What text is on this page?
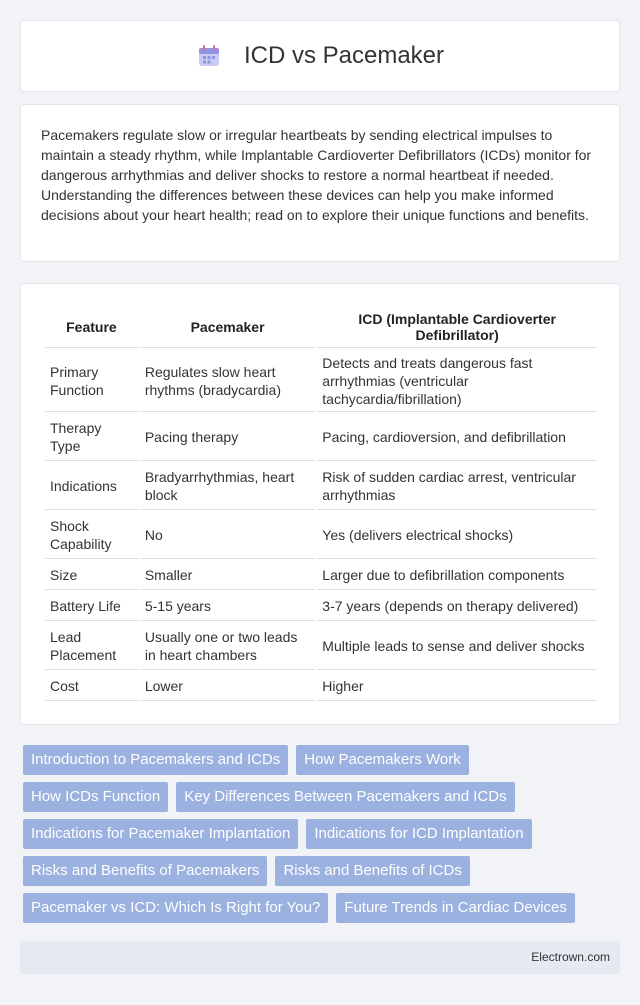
ICD vs Pacemaker

Pacemakers regulate slow or irregular heartbeats by sending electrical impulses to maintain a steady rhythm, while Implantable Cardioverter Defibrillators (ICDs) monitor for dangerous arrhythmias and deliver shocks to restore a normal heartbeat if needed. Understanding the differences between these devices can help you make informed decisions about your heart health; read on to explore their unique functions and benefits.

Feature	Pacemaker	ICD (Implantable Cardioverter Defibrillator)
Primary Function	Regulates slow heart rhythms (bradycardia)	Detects and treats dangerous fast arrhythmias (ventricular tachycardia/fibrillation)
Therapy Type	Pacing therapy	Pacing, cardioversion, and defibrillation
Indications	Bradyarrhythmias, heart block	Risk of sudden cardiac arrest, ventricular arrhythmias
Shock Capability	No	Yes (delivers electrical shocks)
Size	Smaller	Larger due to defibrillation components
Battery Life	5-15 years	3-7 years (depends on therapy delivered)
Lead Placement	Usually one or two leads in heart chambers	Multiple leads to sense and deliver shocks
Cost	Lower	Higher
Introduction to Pacemakers and ICDs	How Pacemakers Work
How ICDs Function	Key Differences Between Pacemakers and ICDs
Indications for Pacemaker Implantation	Indications for ICD Implantation
Risks and Benefits of Pacemakers	Risks and Benefits of ICDs
Pacemaker vs ICD: Which Is Right for You?	Future Trends in Cardiac Devices
Electrown.com
